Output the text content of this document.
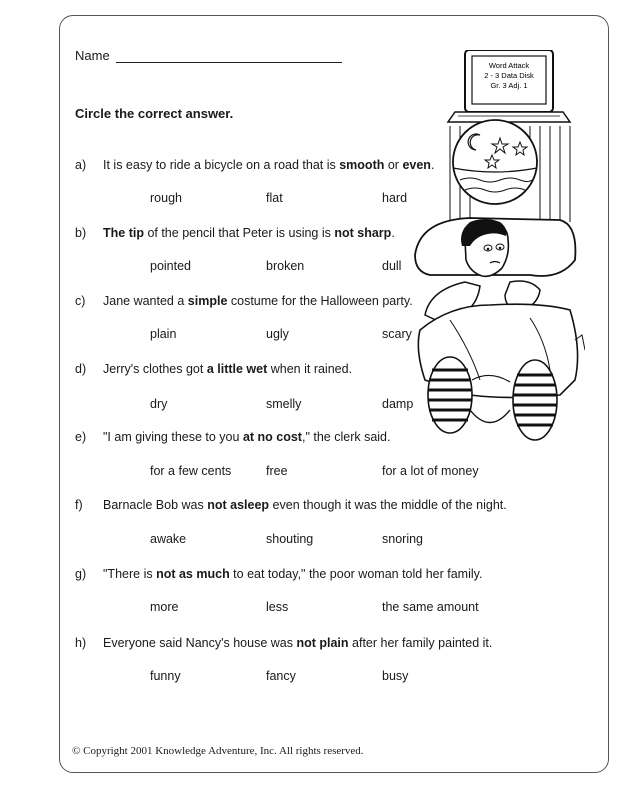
Name
Circle the correct answer.
a) It is easy to ride a bicycle on a road that is smooth or even.
rough	flat	hard
b) The tip of the pencil that Peter is using is not sharp.
pointed	broken	dull
c) Jane wanted a simple costume for the Halloween party.
plain	ugly	scary
d) Jerry's clothes got a little wet when it rained.
dry	smelly	damp
e) "I am giving these to you at no cost," the clerk said.
for a few cents	free	for a lot of money
f) Barnacle Bob was not asleep even though it was the middle of the night.
awake	shouting	snoring
g) "There is not as much to eat today," the poor woman told her family.
more	less	the same amount
h) Everyone said Nancy's house was not plain after her family painted it.
funny	fancy	busy
© Copyright 2001 Knowledge Adventure, Inc. All rights reserved.
Word Attack
2 - 3 Data Disk
Gr. 3 Adj. 1
